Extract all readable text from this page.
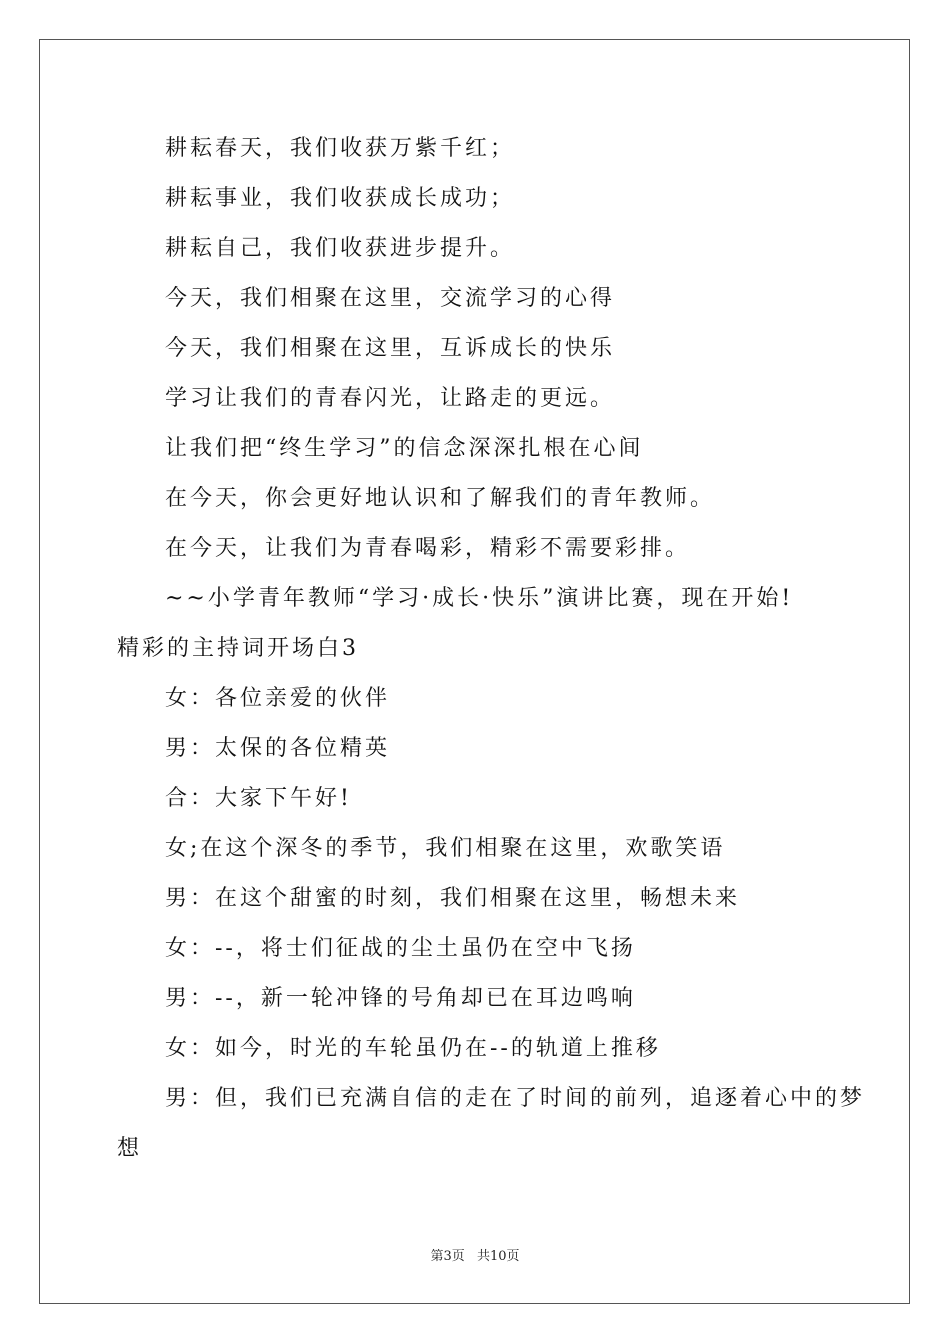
耕耘春天，我们收获万紫千红；
耕耘事业，我们收获成长成功；
耕耘自己，我们收获进步提升。
今天，我们相聚在这里，交流学习的心得
今天，我们相聚在这里，互诉成长的快乐
学习让我们的青春闪光，让路走的更远。
让我们把“终生学习”的信念深深扎根在心间
在今天，你会更好地认识和了解我们的青年教师。
在今天，让我们为青春喝彩，精彩不需要彩排。
~~小学青年教师“学习·成长·快乐”演讲比赛，现在开始!
精彩的主持词开场白3
女：各位亲爱的伙伴
男：太保的各位精英
合：大家下午好!
女;在这个深冬的季节，我们相聚在这里，欢歌笑语
男：在这个甜蜜的时刻，我们相聚在这里，畅想未来
女：--，将士们征战的尘土虽仍在空中飞扬
男：--，新一轮冲锋的号角却已在耳边鸣响
女：如今，时光的车轮虽仍在--的轨道上推移
男：但，我们已充满自信的走在了时间的前列，追逐着心中的梦
想
第3页 共10页
